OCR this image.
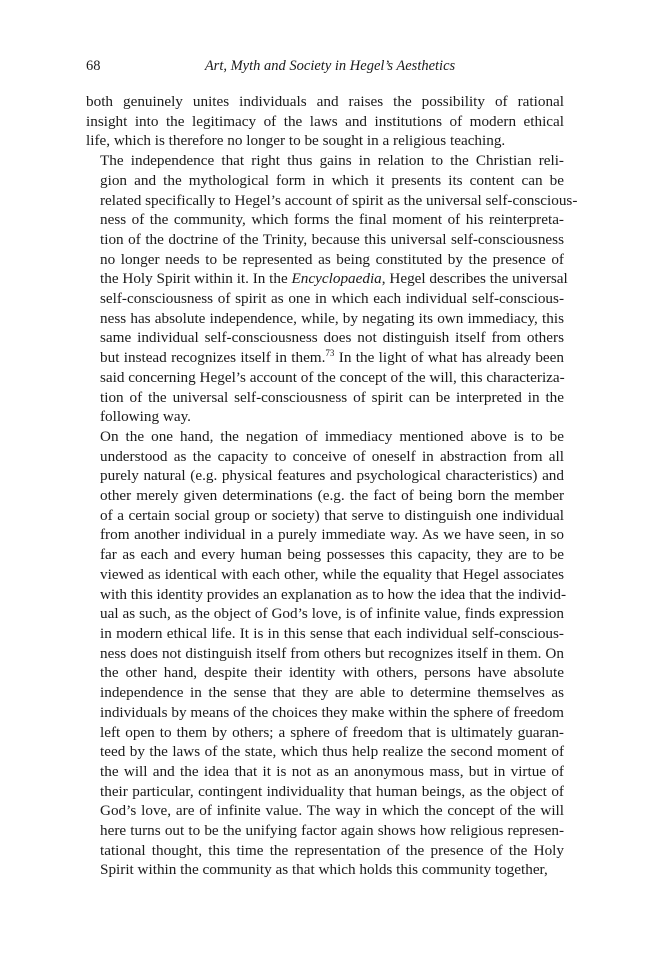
68	Art, Myth and Society in Hegel’s Aesthetics

both genuinely unites individuals and raises the possibility of rational
insight into the legitimacy of the laws and institutions of modern ethical
life, which is therefore no longer to be sought in a religious teaching.

The independence that right thus gains in relation to the Christian reli-
gion and the mythological form in which it presents its content can be
related specifically to Hegel’s account of spirit as the universal self-conscious-
ness of the community, which forms the final moment of his reinterpreta-
tion of the doctrine of the Trinity, because this universal self-consciousness
no longer needs to be represented as being constituted by the presence of
the Holy Spirit within it. In the Encyclopaedia, Hegel describes the universal
self-consciousness of spirit as one in which each individual self-conscious-
ness has absolute independence, while, by negating its own immediacy, this
same individual self-consciousness does not distinguish itself from others
but instead recognizes itself in them.$^{73}$ In the light of what has already been
said concerning Hegel’s account of the concept of the will, this characteriza-
tion of the universal self-consciousness of spirit can be interpreted in the
following way.

On the one hand, the negation of immediacy mentioned above is to be
understood as the capacity to conceive of oneself in abstraction from all
purely natural (e.g. physical features and psychological characteristics) and
other merely given determinations (e.g. the fact of being born the member
of a certain social group or society) that serve to distinguish one individual
from another individual in a purely immediate way. As we have seen, in so
far as each and every human being possesses this capacity, they are to be
viewed as identical with each other, while the equality that Hegel associates
with this identity provides an explanation as to how the idea that the individ-
ual as such, as the object of God’s love, is of infinite value, finds expression
in modern ethical life. It is in this sense that each individual self-conscious-
ness does not distinguish itself from others but recognizes itself in them. On
the other hand, despite their identity with others, persons have absolute
independence in the sense that they are able to determine themselves as
individuals by means of the choices they make within the sphere of freedom
left open to them by others; a sphere of freedom that is ultimately guaran-
teed by the laws of the state, which thus help realize the second moment of
the will and the idea that it is not as an anonymous mass, but in virtue of
their particular, contingent individuality that human beings, as the object of
God’s love, are of infinite value. The way in which the concept of the will
here turns out to be the unifying factor again shows how religious represen-
tational thought, this time the representation of the presence of the Holy
Spirit within the community as that which holds this community together,
